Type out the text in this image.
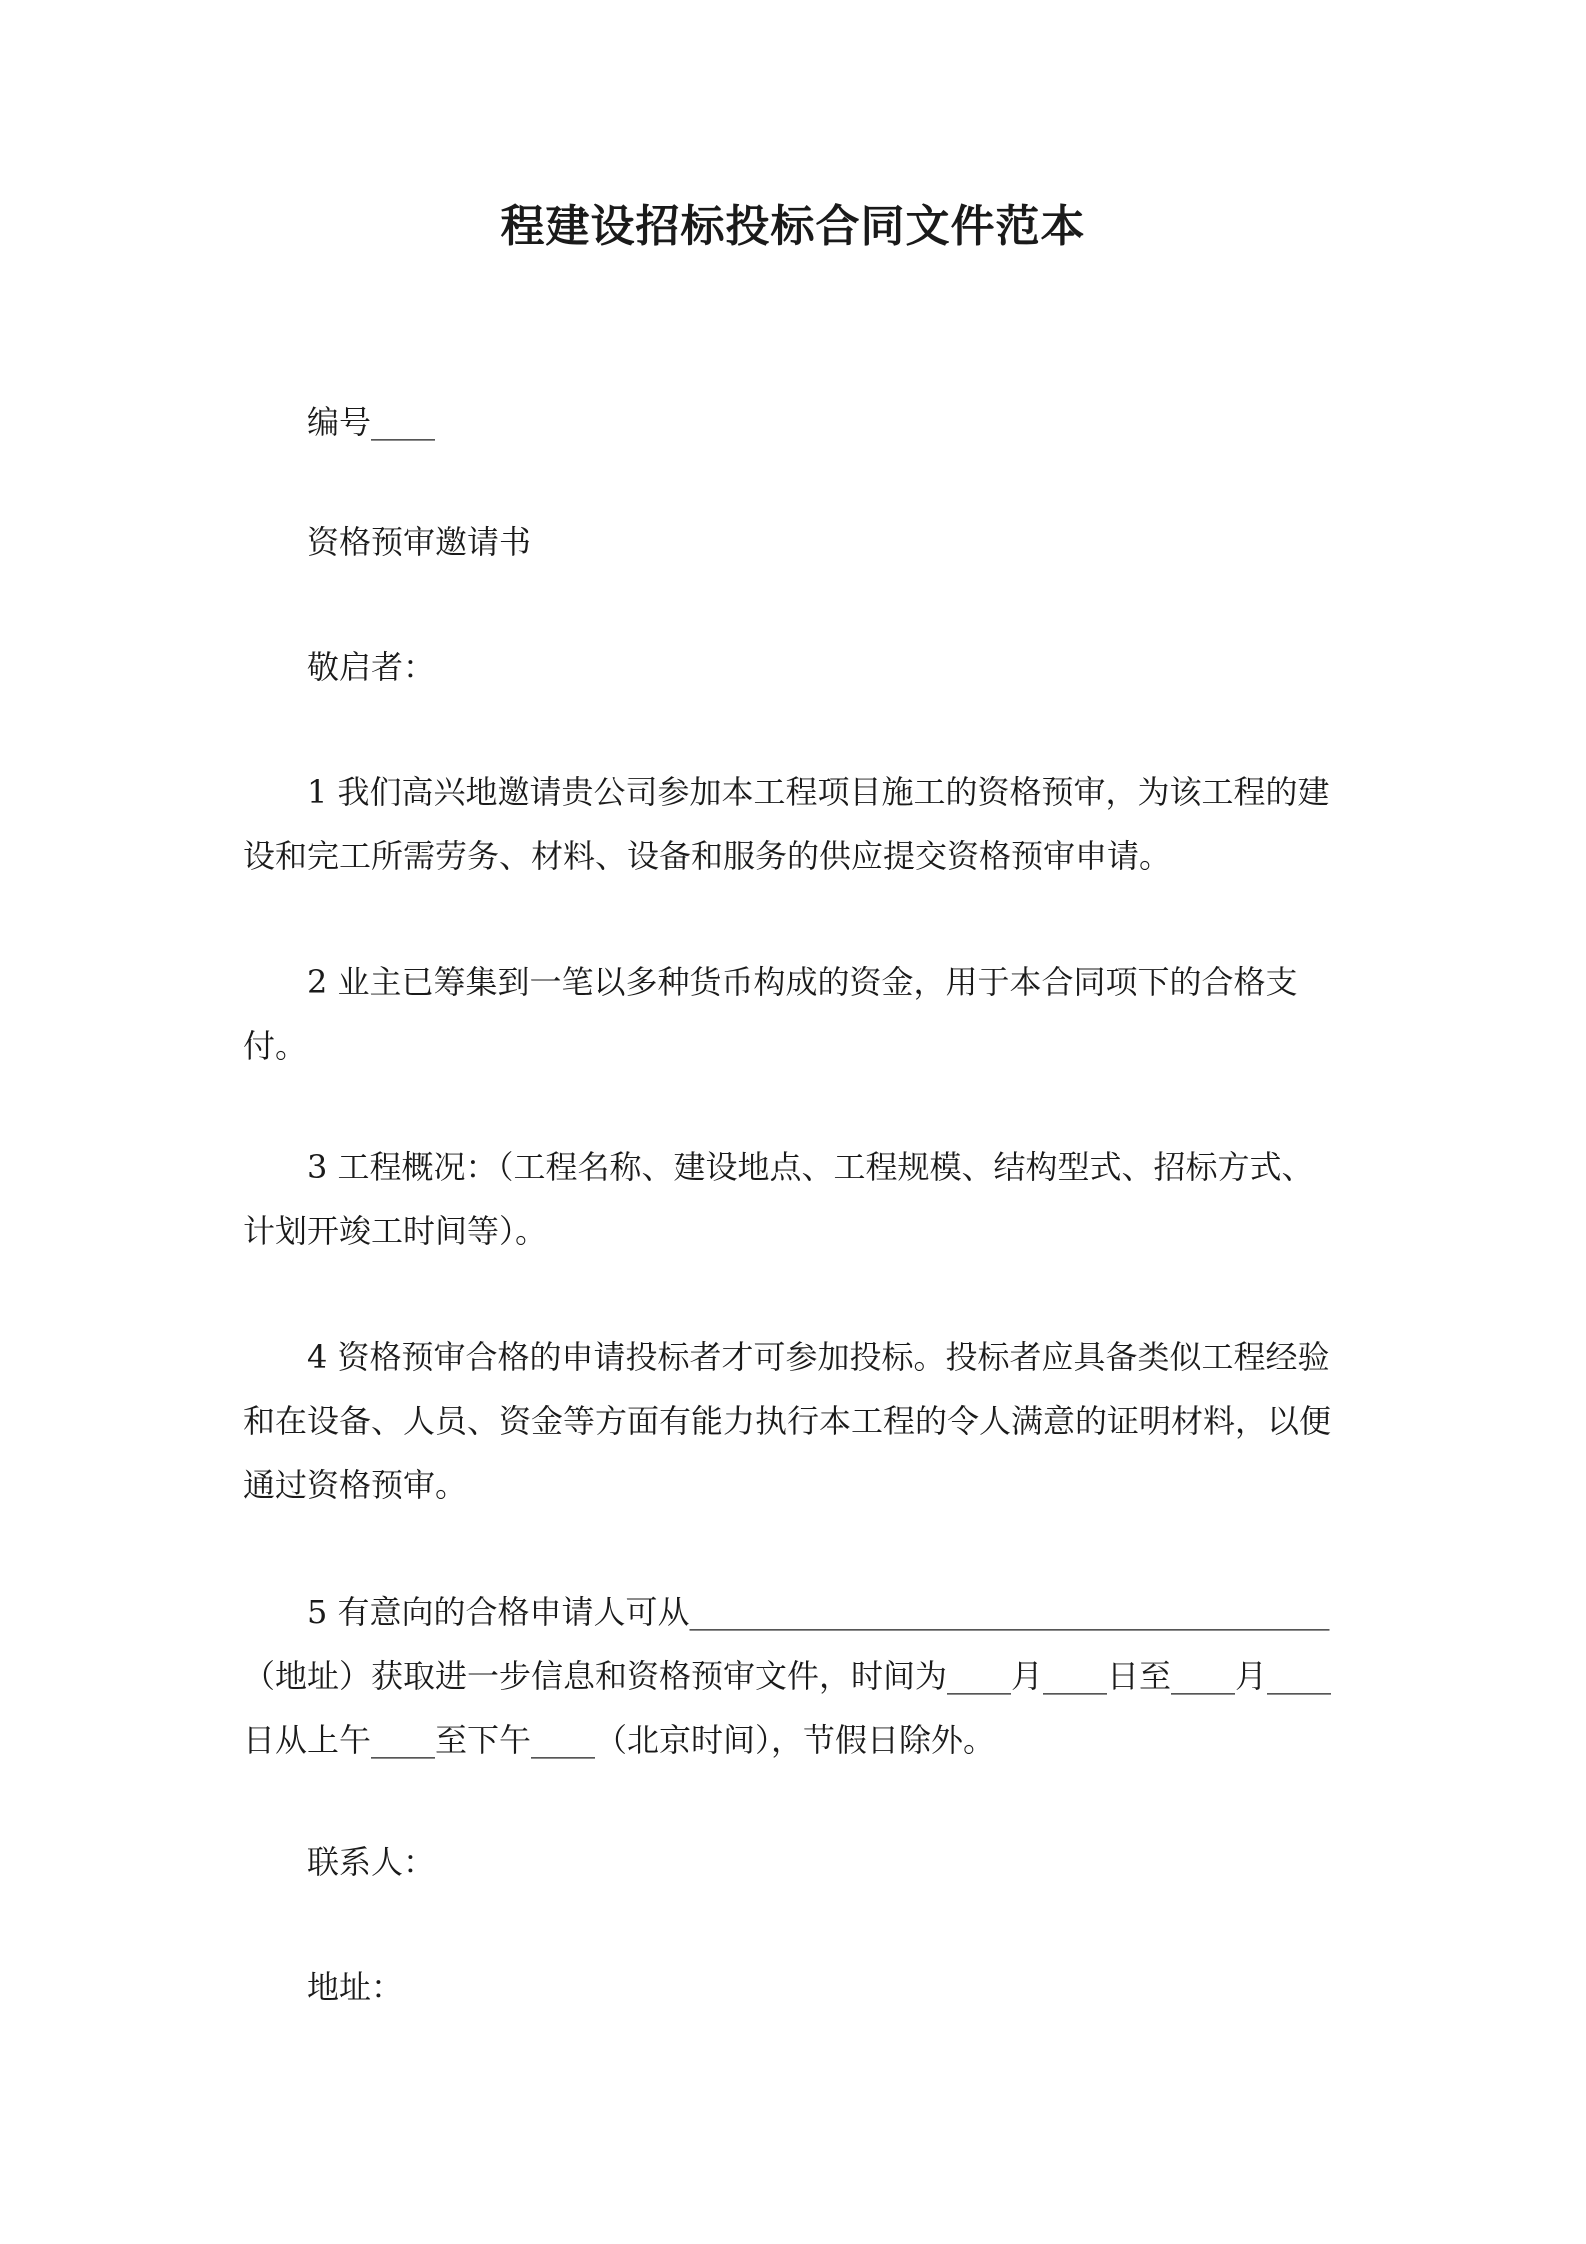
程建设招标投标合同文件范本
编号____
资格预审邀请书
敬启者：
1 我们高兴地邀请贵公司参加本工程项目施工的资格预审，为该工程的建
设和完工所需劳务、材料、设备和服务的供应提交资格预审申请。
2 业主已筹集到一笔以多种货币构成的资金，用于本合同项下的合格支
付。
3 工程概况：（工程名称、建设地点、工程规模、结构型式、招标方式、
计划开竣工时间等）。
4 资格预审合格的申请投标者才可参加投标。投标者应具备类似工程经验
和在设备、人员、资金等方面有能力执行本工程的令人满意的证明材料，以便
通过资格预审。
5 有意向的合格申请人可从________________________________________
（地址）获取进一步信息和资格预审文件，时间为____月____日至____月____
日从上午____至下午____（北京时间），节假日除外。
联系人：
地址：
